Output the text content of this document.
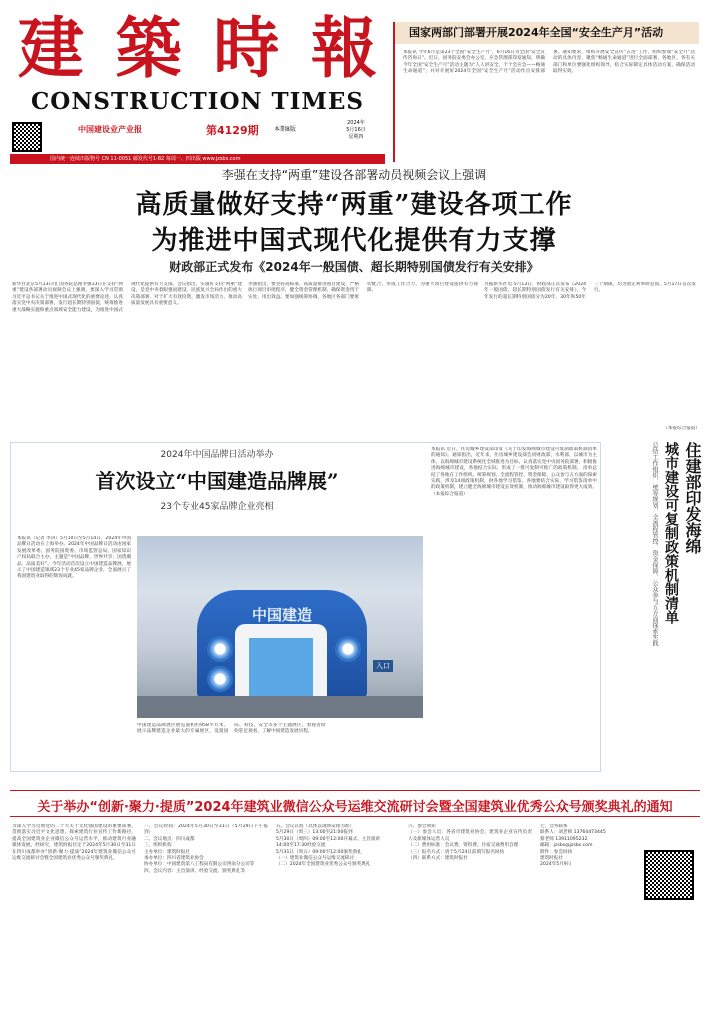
建 築 時 報
CONSTRUCTION TIMES
中国建设业产业报	第4129期	本期8版
2024年
5月16日
星期四
国内统一连续出版物号 CN 11-0051 邮发代号1-82 每周一、四出版 www.jzsbs.com
国家两部门部署开展2024年全国“安全生产月”活动
本报讯 今年6月是第23个全国“安全生产月”，6月16日为全国“安全宣传咨询日”。近日，国务院安委会办公室、应急管理部印发通知，明确今年全国“安全生产月”活动主题为“人人讲安全，个个会应急——畅通生命通道”，并对开展好2024年全国“安全生产月”活动作出安排部署。通知要求，组织开展安全宣传“五进”工作，组织参加“安全月”活动的具体内容，聚焦“畅通生命通道”进行全面部署。各地区、各有关部门和单位要强化组织领导，结合实际制定具体活动方案，确保活动取得实效。
李强在支持“两重”建设各部署动员视频会议上强调
高质量做好支持“两重”建设各项工作
为推进中国式现代化提供有力支撑
财政部正式发布《2024年一般国债、超长期特别国债发行有关安排》
新华社北京5月13日电 国务院总理李强13日在支持“两重”建设各部署动员视频会议上强调，要深入学习贯彻习近平总书记关于推进中国式现代化的重要论述，认真落实党中央决策部署，发行超长期特别国债，统筹推进重大战略实施和重点领域安全能力建设，为推进中国式现代化提供有力支撑。会议指出，实施好支持“两重”建设，是党中央着眼强国建设、民族复兴全局作出的重大决策部署，对于扩大有效投资、激发市场活力、推动高质量发展具有重要意义。
李强指出，要坚持高标准、高质量推进项目建设，严格执行项目审批程序，健全资金管理机制，确保资金用于实处、用出效益。要加强统筹协调，各地区各部门要密切配合，形成工作合力，为重大项目建设提供有力保障。
另据新华社电 5月13日，财政部正式发布《2024年一般国债、超长期特别国债发行有关安排》，今年发行的超长期特别国债分为20年、30年和50年三个期限，均为固定利率附息债，5月17日首次发行。
（本报综合报道）
2024年中国品牌日活动举办
首次设立“中国建造品牌展”
23个专业45家品牌企业亮相
本报讯（记者 李涛）5月10日至5月14日，2024年中国品牌日活动在上海举办。2024年中国品牌日活动由国家发展改革委、国务院国资委、市场监管总局、国家知识产权局联合主办，主题是“中国品牌，世界共享；国货潮品，品质美好”。今年活动首次设立中国建造品牌展，展示了中国建造领域23个专业45家品牌企业，全面展示了我国建筑业取得的辉煌成就。
中国建造
入口
中国建造品牌展区展览面积约958平方米，展示品牌建造企业最大的专属展区，设置国际、科技、安全等多个主题展区。参观者纷纷驻足观看，了解中国建造发展历程。
本报讯 近日，住房城乡建设部印发《关于印发海绵城市建设可复制政策机制清单的通知》。通知指出，近年来，住房城乡建设部会同财政部、水利部，以城市为主体，以海绵城市建设系统化全域推进为目标，认真落实党中央国务院部署，积极推进海绵城市建设，各地结合实际，形成了一批可复制可推广的政策机制。 清单总结了各地在工作组织、统筹规划、全流程管控、资金保障、公众参与五方面的探索实践，涉及14项政策机制，供各地学习借鉴。各地要结合实际，学习借鉴清单中的政策机制，建立健全海绵城市建设长效机制，推动海绵城市建设取得更大成效。 （本报综合报道）	住建部印发海绵
城市建设可复制政策机制清单
总结工作组织、统筹规划、全流程管控、资金保障、公众参与五方面探索实践
关于举办“创新·聚力·提质”2024年建筑业微信公众号运维交流研讨会暨全国建筑业优秀公众号颁奖典礼的通知
为深入学习贯彻党的二十大关于文化强国建设的重要部署，贯彻落实习近平文化思想，探索建筑行业宣传工作新路径，提高全国建筑业企业微信公众号运营水平，推动建筑行业融媒体发展，经研究，建筑时报社定于2024年5月30日至31日在四川成都举办“创新·聚力·提质”2024年建筑业微信公众号运维交流研讨会暨全国建筑业优秀公众号颁奖典礼。
一、会议时间：2024年5月30日至31日（5月29日下午报到）
二、会议地点：四川成都
三、组织机构
主办单位：建筑时报社
承办单位：四川省建筑业协会
协办单位：中国建筑第八工程局有限公司西南分公司等
四、会议内容：主旨演讲、经验交流、颁奖典礼等
五、会议议程（具体以现场安排为准）
5月29日（周三）13:00至21:00报到
5月30日（周四）09:00至12:00开幕式、主旨演讲
14:00至17:30经验交流
5月31日（周五）09:00至12:00颁奖典礼
（一）建筑业微信公众号运维交流研讨
（二）2024年全国建筑业优秀公众号颁奖典礼
六、参会须知
（一）参会人员：各省市建筑业协会、建筑业企业宣传负责人及新媒体运营人员
（二）费用标准：会议费、资料费、住宿交通费用自理
（三）报名方式：请于5月24日前填写报名回执
（四）联系方式：建筑时报社
七、会务联系
联系人：刘老师 13764473445
蔡老师 13911095232
邮箱：jzsbs@jzsbs.com
附件：参会回执
建筑时报社
2024年5月9日
